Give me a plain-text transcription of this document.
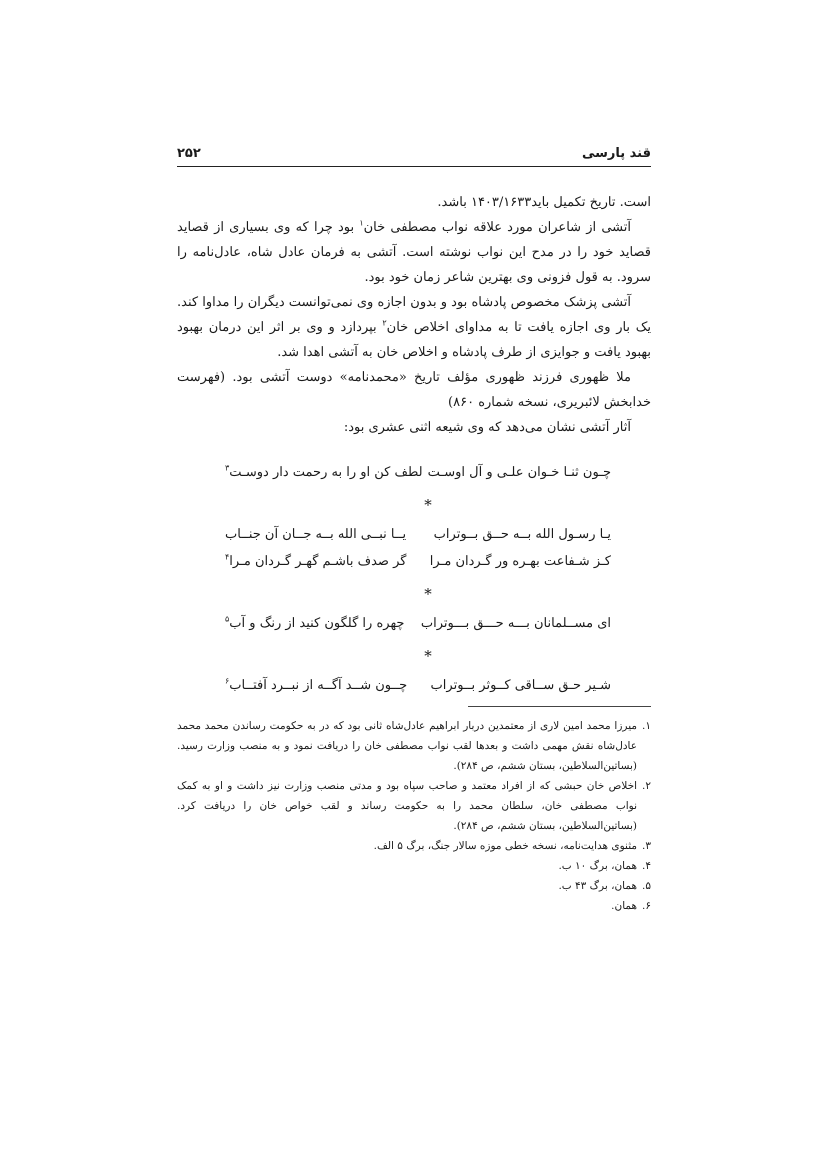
قند پارسی
۲۵۲

است. تاریخ تکمیل باید۱۴۰۳/۱۶۳۳ باشد.

آتشی از شاعران مورد علاقه نواب مصطفی خان$^۱$ بود چرا که وی بسیاری از قصاید قصاید خود را در مدح این نواب نوشته است. آتشی به فرمان عادل شاه، عادل‌نامه را سرود. به قول فزونی وی بهترین شاعر زمان خود بود.

آتشی پزشک مخصوص پادشاه بود و بدون اجازه وی نمی‌توانست دیگران را مداوا کند. یک بار وی اجازه یافت تا به مداوای اخلاص خان$^۲$ بپردازد و وی بر اثر این درمان بهبود بهبود یافت و جوایزی از طرف پادشاه و اخلاص خان به آتشی اهدا شد.

ملا ظهوری فرزند ظهوری مؤلف تاریخ «محمدنامه» دوست آتشی بود. (فهرست خدابخش لائبریری، نسخه شماره ۸۶۰)

آثار آتشی نشان می‌دهد که وی شیعه اثنی عشری بود:

چـون ثنـا خـوان علـی و آل اوسـت
لطف کن او را به رحمت دار دوسـت$^۳$
*
یـا رسـول الله بــه حــق بــوتراب
یــا نبــی الله بــه جــان آن جنــاب
کـز شـفاعت بهـره ور گـردان مـرا
گر صدف باشـم گهـر گـردان مـرا$^۴$
*
ای مســلمانان بـــه حـــق بـــوتراب
چهره را گلگون کنید از رنگ و آب$^۵$
*
شـیر حـق ســاقی کــوثر بــوتراب
چــون شــد آگــه از نبــرد آفتــاب$^۶$
۱.
میرزا محمد امین لاری از معتمدین دربار ابراهیم عادل‌شاه ثانی بود که در به حکومت رساندن محمد محمد عادل‌شاه نقش مهمی داشت و بعدها لقب نواب مصطفی خان را دریافت نمود و به منصب وزارت رسید. (بساتین‌السلاطین، بستان ششم، ص ۲۸۴).
۲.
اخلاص خان حبشی که از افراد معتمد و صاحب سپاه بود و مدتی منصب وزارت نیز داشت و او به کمک نواب مصطفی خان، سلطان محمد را به حکومت رساند و لقب خواص خان را دریافت کرد. (بساتین‌السلاطین، بستان ششم، ص ۲۸۴).
۳.
مثنوی هدایت‌نامه، نسخه خطی موزه سالار جنگ، برگ ۵ الف.
۴.
همان، برگ ۱۰ ب.
۵.
همان، برگ ۴۳ ب.
۶.
همان.
